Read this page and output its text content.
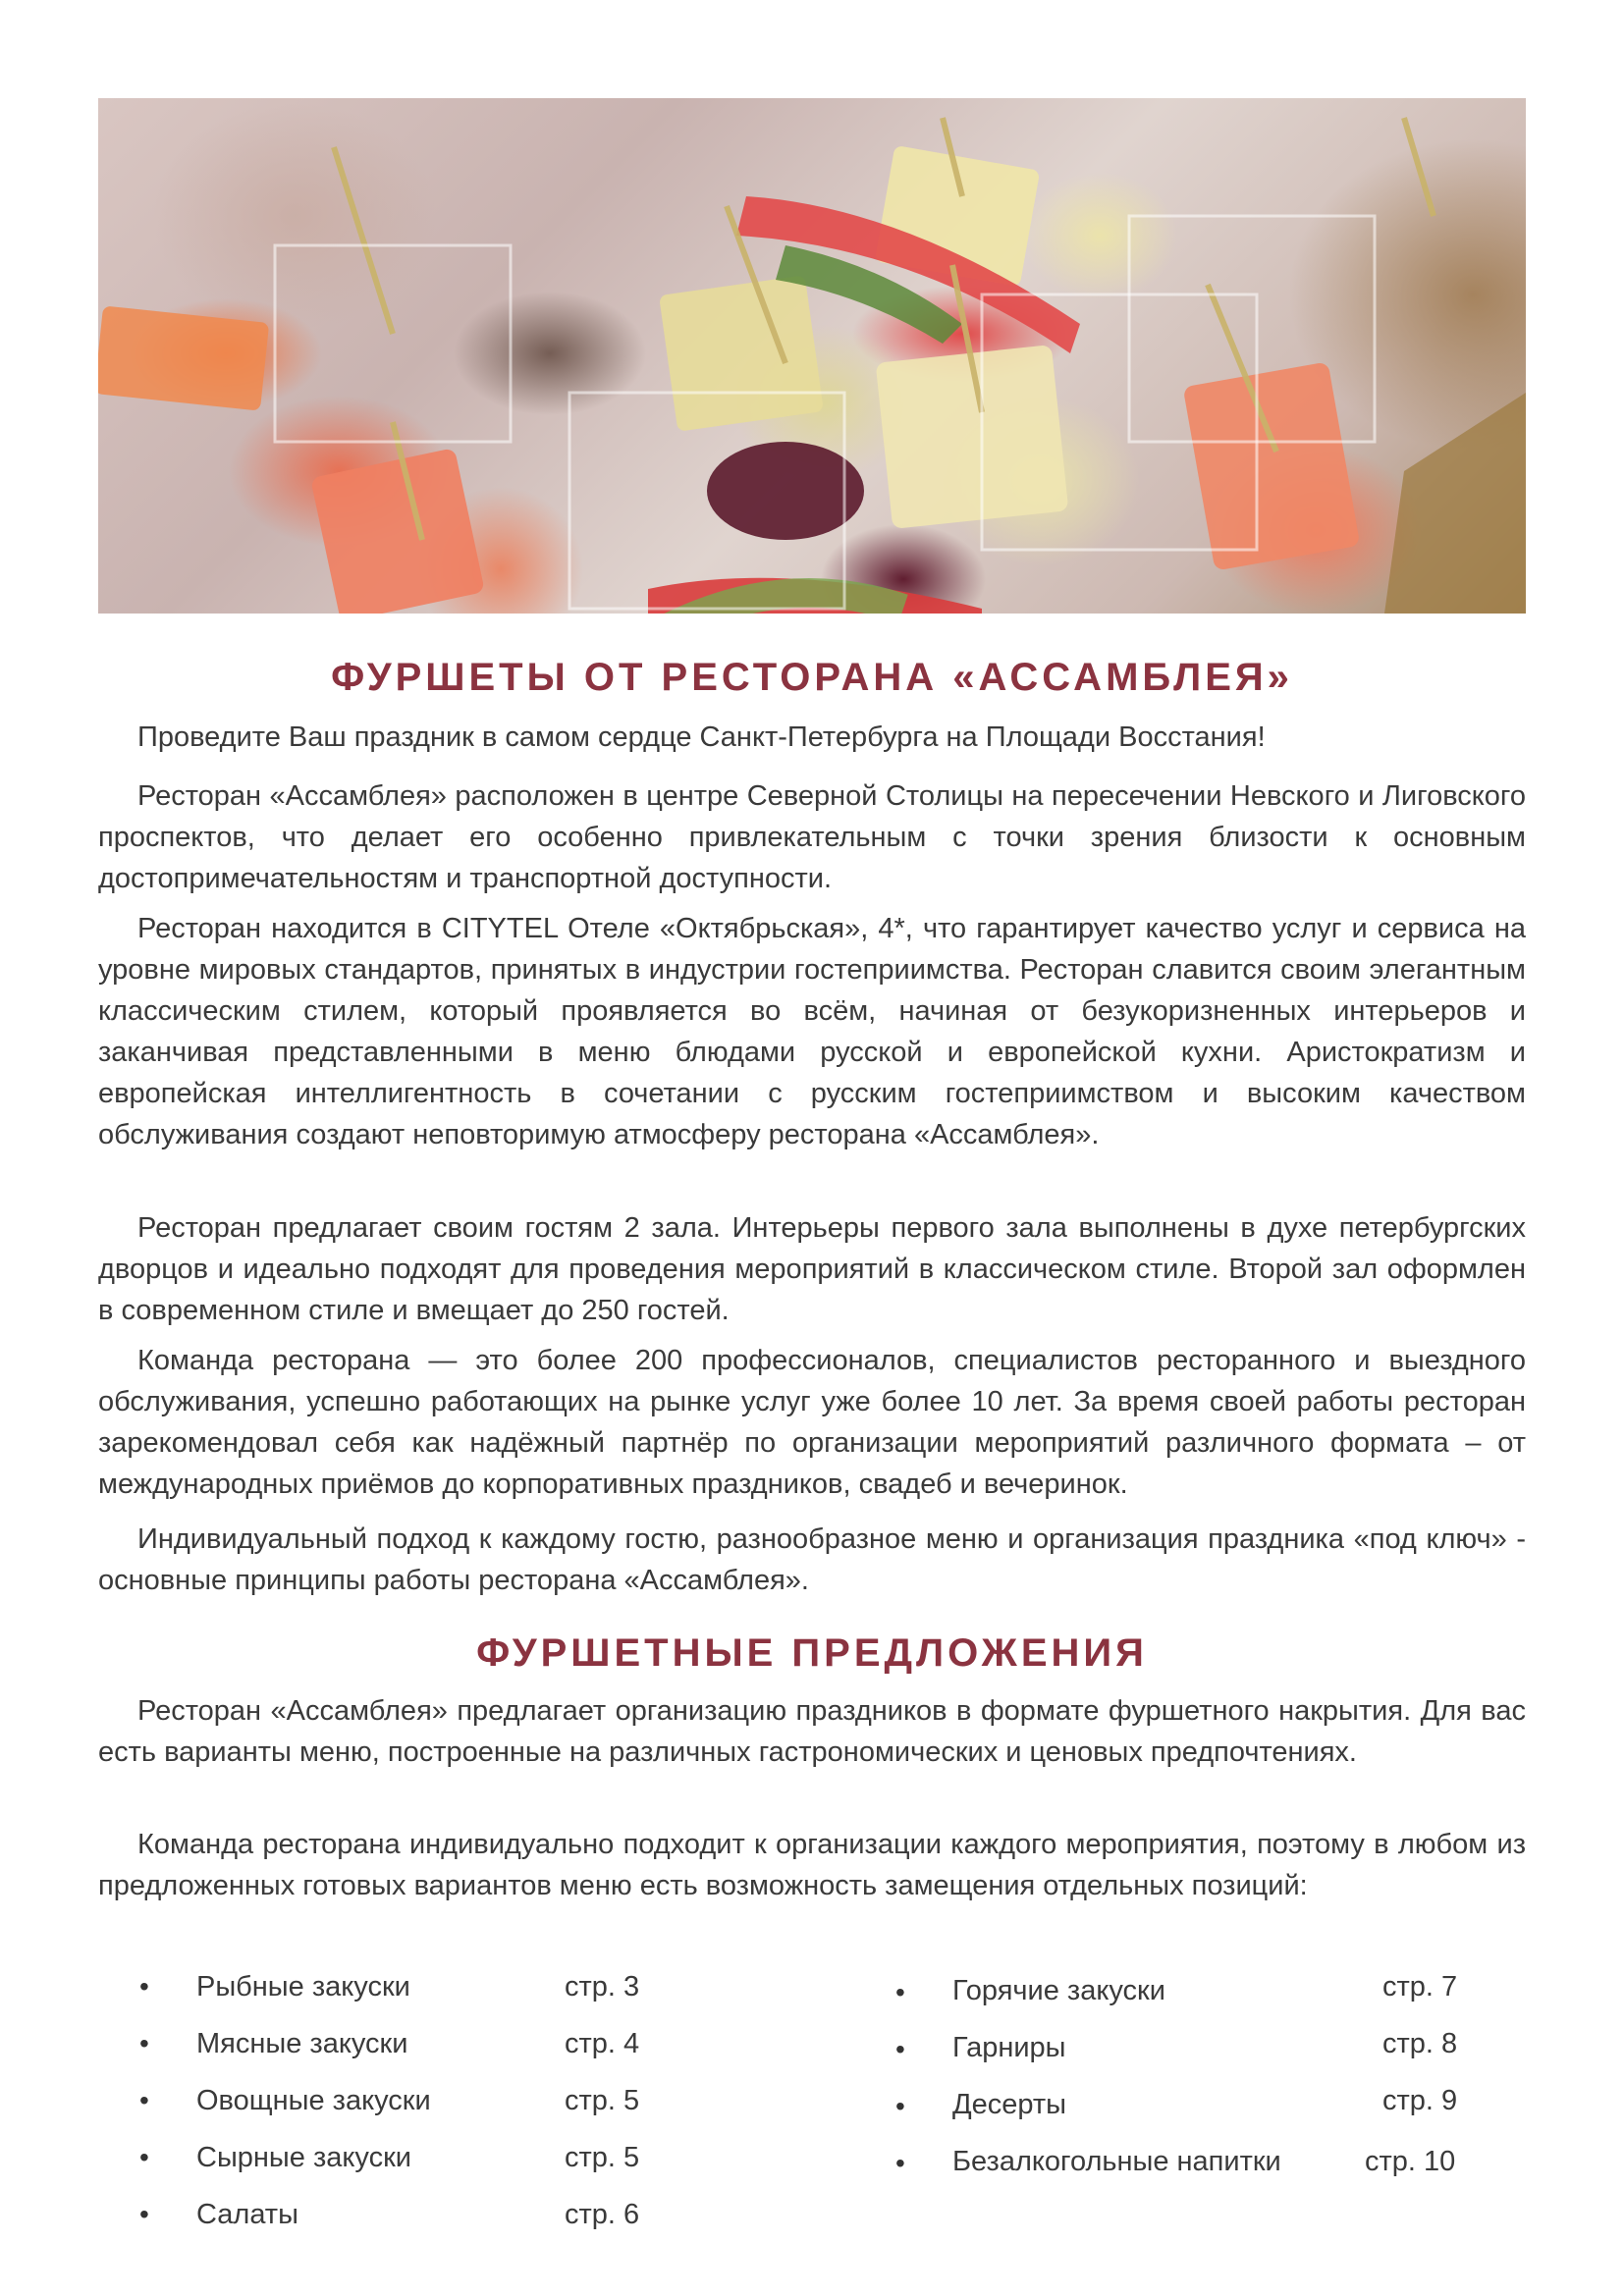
ФУРШЕТЫ ОТ РЕСТОРАНА «АССАМБЛЕЯ»

Проведите Ваш праздник в самом сердце Санкт-Петербурга на Площади Восстания!

Ресторан «Ассамблея» расположен в центре Северной Столицы на пересечении Невского и Лиговского проспектов, что делает его особенно привлекательным с точки зрения близости к основным достопримечательностям и транспортной доступности.

Ресторан находится в CITYTEL Отеле «Октябрьская», 4*, что гарантирует качество услуг и сервиса на уровне мировых стандартов, принятых в индустрии гостеприимства. Ресторан славится своим элегантным классическим стилем, который проявляется во всём, начиная от безукоризненных интерьеров и заканчивая представленными в меню блюдами русской и европейской кухни. Аристократизм и европейская интеллигентность в сочетании с русским гостеприимством и высоким качеством обслуживания создают неповторимую атмосферу ресторана «Ассамблея».

Ресторан предлагает своим гостям 2 зала. Интерьеры первого зала выполнены в духе петербургских дворцов и идеально подходят для проведения мероприятий в классическом стиле. Второй зал оформлен в современном стиле и вмещает до 250 гостей.

Команда ресторана — это более 200 профессионалов, специалистов ресторанного и выездного обслуживания, успешно работающих на рынке услуг уже более 10 лет. За время своей работы ресторан зарекомендовал себя как надёжный партнёр по организации мероприятий различного формата – от международных приёмов до корпоративных праздников, свадеб и вечеринок.

Индивидуальный подход к каждому гостю, разнообразное меню и организация праздника «под ключ» - основные принципы работы ресторана «Ассамблея».

ФУРШЕТНЫЕ ПРЕДЛОЖЕНИЯ

Ресторан «Ассамблея» предлагает организацию праздников в формате фуршетного накрытия. Для вас есть варианты меню, построенные на различных гастрономических и ценовых предпочтениях.

Команда ресторана индивидуально подходит к организации каждого мероприятия, поэтому в любом из предложенных готовых вариантов меню есть возможность замещения отдельных позиций:

• Рыбные закуски	стр. 3
• Мясные закуски	стр. 4
• Овощные закуски	стр. 5
• Сырные закуски	стр. 5
• Салаты	стр. 6
• Горячие закуски	стр. 7
• Гарниры	стр. 8
• Десерты	стр. 9
• Безалкогольные напитки	стр. 10
